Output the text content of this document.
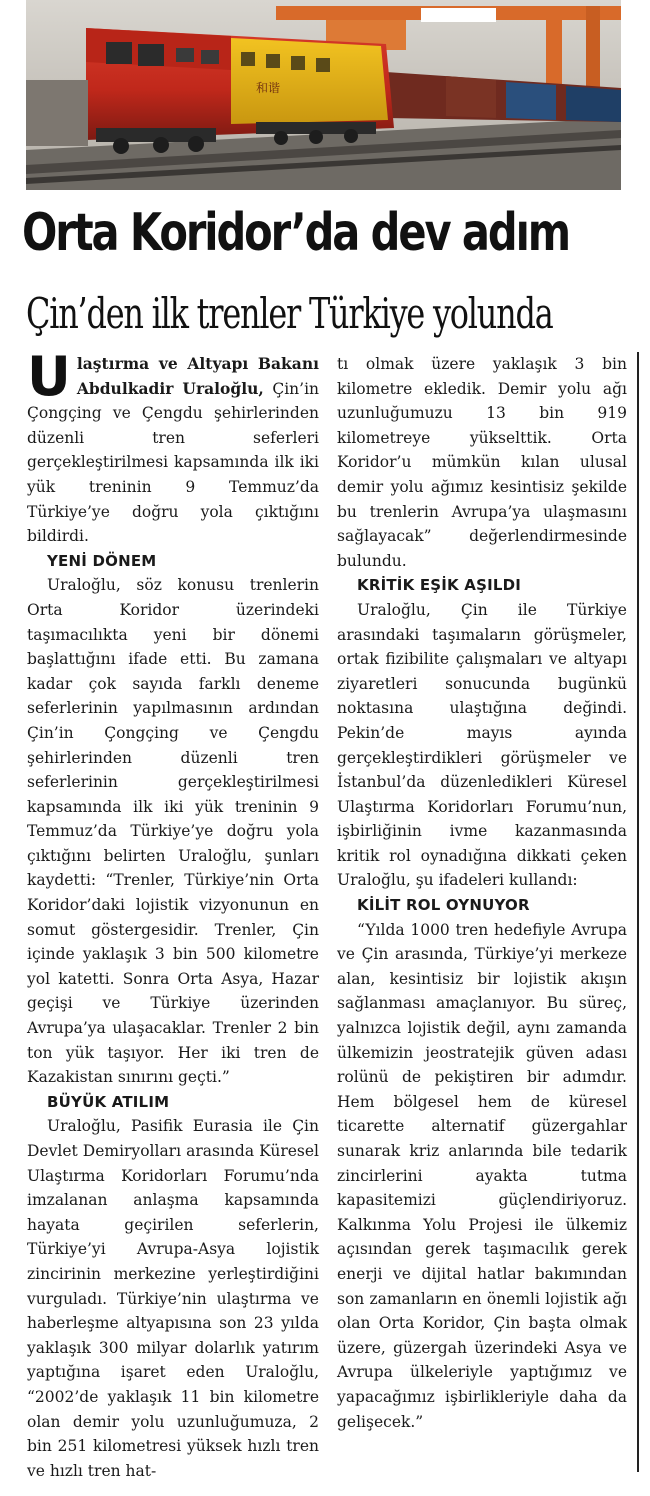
和谐
Orta Koridor’da dev adım
Çin’den ilk trenler Türkiye yolunda

Ulaştırma ve Altyapı Bakanı Abdulkadir Uraloğlu, Çin’in Çongçing ve Çengdu şehirlerinden düzenli tren seferleri gerçekleştirilmesi kapsamında ilk iki yük treninin 9 Temmuz’da Türkiye’ye doğru yola çıktığını bildirdi.

YENİ DÖNEM

Uraloğlu, söz konusu trenlerin Orta Koridor üzerindeki taşımacılıkta yeni bir dönemi başlattığını ifade etti. Bu zamana kadar çok sayıda farklı deneme seferlerinin yapılmasının ardından Çin’in Çongçing ve Çengdu şehirlerinden düzenli tren seferlerinin gerçekleştirilmesi kapsamında ilk iki yük treninin 9 Temmuz’da Türkiye’ye doğru yola çıktığını belirten Uraloğlu, şunları kaydetti: “Trenler, Türkiye’nin Orta Koridor’daki lojistik vizyonunun en somut göstergesidir. Trenler, Çin içinde yaklaşık 3 bin 500 kilometre yol katetti. Sonra Orta Asya, Hazar geçişi ve Türkiye üzerinden Avrupa’ya ulaşacaklar. Trenler 2 bin ton yük taşıyor. Her iki tren de Kazakistan sınırını geçti.”

BÜYÜK ATILIM

Uraloğlu, Pasifik Eurasia ile Çin Devlet Demiryolları arasında Küresel Ulaştırma Koridorları Forumu’nda imzalanan anlaşma kapsamında hayata geçirilen seferlerin, Türkiye’yi Avrupa-Asya lojistik zincirinin merkezine yerleştirdiğini vurguladı. Türkiye’nin ulaştırma ve haberleşme altyapısına son 23 yılda yaklaşık 300 milyar dolarlık yatırım yaptığına işaret eden Uraloğlu, “2002’de yaklaşık 11 bin kilometre olan demir yolu uzunluğumuza, 2 bin 251 kilometresi yüksek hızlı tren ve hızlı tren hat-

tı olmak üzere yaklaşık 3 bin kilometre ekledik. Demir yolu ağı uzunluğumuzu 13 bin 919 kilometreye yükselttik. Orta Koridor’u mümkün kılan ulusal demir yolu ağımız kesintisiz şekilde bu trenlerin Avrupa’ya ulaşmasını sağlayacak” değerlendirmesinde bulundu.

KRİTİK EŞİK AŞILDI

Uraloğlu, Çin ile Türkiye arasındaki taşımaların görüşmeler, ortak fizibilite çalışmaları ve altyapı ziyaretleri sonucunda bugünkü noktasına ulaştığına değindi. Pekin’de mayıs ayında gerçekleştirdikleri görüşmeler ve İstanbul’da düzenledikleri Küresel Ulaştırma Koridorları Forumu’nun, işbirliğinin ivme kazanmasında kritik rol oynadığına dikkati çeken Uraloğlu, şu ifadeleri kullandı:

KİLİT ROL OYNUYOR

“Yılda 1000 tren hedefiyle Avrupa ve Çin arasında, Türkiye’yi merkeze alan, kesintisiz bir lojistik akışın sağlanması amaçlanıyor. Bu süreç, yalnızca lojistik değil, aynı zamanda ülkemizin jeostratejik güven adası rolünü de pekiştiren bir adımdır. Hem bölgesel hem de küresel ticarette alternatif güzergahlar sunarak kriz anlarında bile tedarik zincirlerini ayakta tutma kapasitemizi güçlendiriyoruz. Kalkınma Yolu Projesi ile ülkemiz açısından gerek taşımacılık gerek enerji ve dijital hatlar bakımından son zamanların en önemli lojistik ağı olan Orta Koridor, Çin başta olmak üzere, güzergah üzerindeki Asya ve Avrupa ülkeleriyle yaptığımız ve yapacağımız işbirlikleriyle daha da gelişecek.”
